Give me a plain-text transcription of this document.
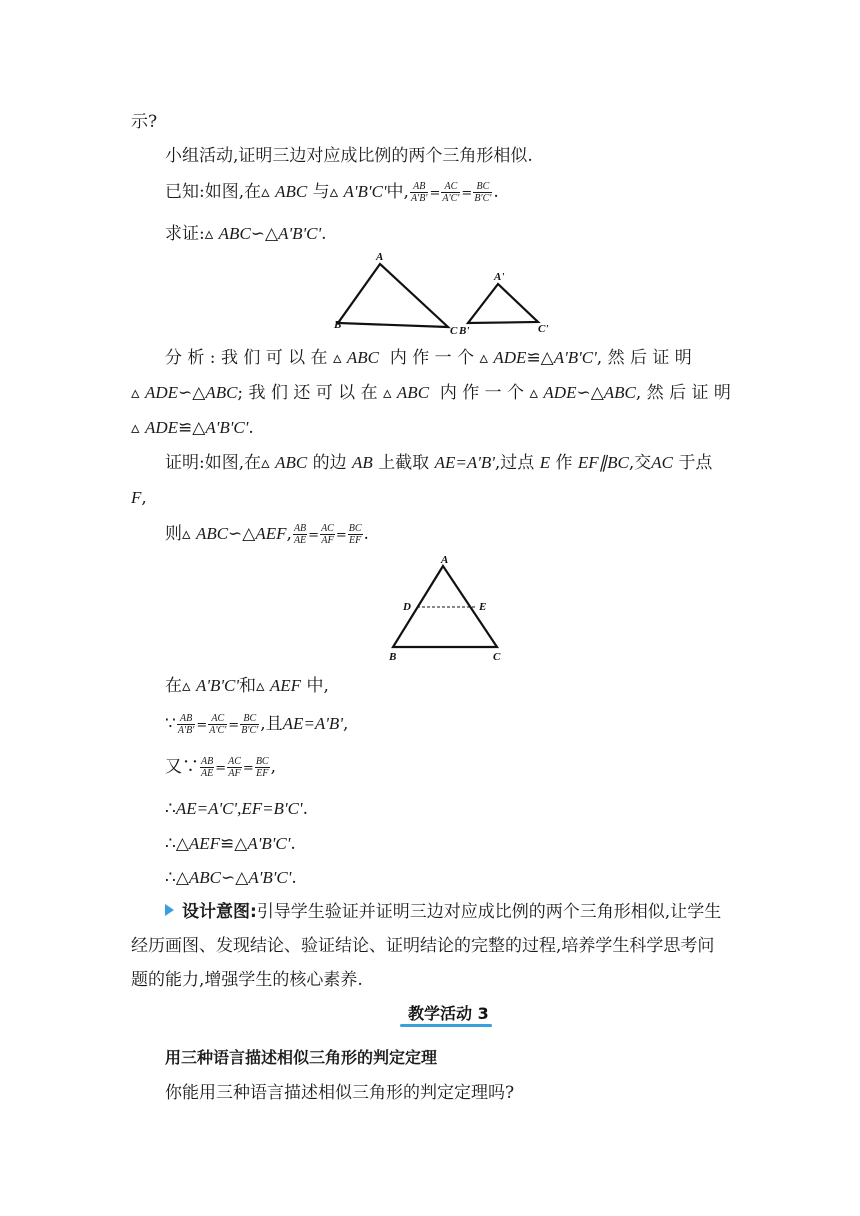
示?
小组活动,证明三边对应成比例的两个三角形相似.
已知:如图,在▵ ABC 与▵ A'B'C'中, $\frac{AB}{A'B'} = \frac{AC}{A'C'} = \frac{BC}{B'C'}$ .
求证:▵ ABC∽△A'B'C'.
A
B	C
A'
B'	C'
分 析 : 我 们 可 以 在 ▵ ABC 内 作 一 个 ▵ ADE≌△A'B'C', 然 后 证 明
▵ ADE∽△ABC; 我 们 还 可 以 在 ▵ ABC 内 作 一 个 ▵ ADE∽△ABC, 然 后 证 明
▵ ADE≌△A'B'C'.
证明:如图,在▵ ABC 的边 AB 上截取 AE=A'B',过点 E 作 EF∥BC,交AC 于点
F,
则▵ ABC∽△AEF, $\frac{AB}{AE} = \frac{AC}{AF} = \frac{BC}{EF}$ .
A
D	E
B	C
在▵ A'B'C'和▵ AEF 中,
∵ $\frac{AB}{A'B'} = \frac{AC}{A'C'} = \frac{BC}{B'C'}$ ,且AE=A'B',
又∵ $\frac{AB}{AE} = \frac{AC}{AF} = \frac{BC}{EF}$ ,
∴AE=A'C',EF=B'C'.
∴△AEF≌△A'B'C'.
∴△ABC∽△A'B'C'.
设计意图:引导学生验证并证明三边对应成比例的两个三角形相似,让学生
经历画图、发现结论、验证结论、证明结论的完整的过程,培养学生科学思考问
题的能力,增强学生的核心素养.
教学活动 3
用三种语言描述相似三角形的判定定理
你能用三种语言描述相似三角形的判定定理吗?
